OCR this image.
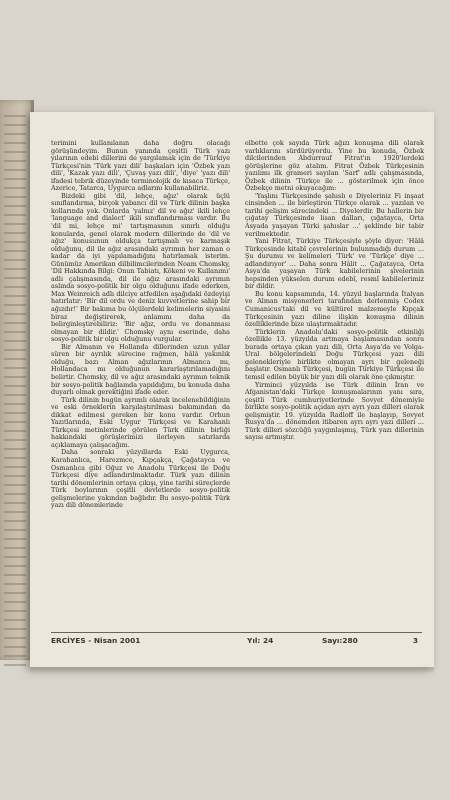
terimini kullanılanın daha doğru olacağı görüşündeyim. Bunun yanında çeşitli Türk yazı yılarının edebi dillerini de yargılamak için de 'Türkiye Türkçesi'nin 'Türk yazı dili' başkaları için 'Özbek yazı dili', 'Kazak yazı dili', 'Çuvaş yazı dili', 'diye' 'yazı dili' ifadesi tebrik düzeyinde terminolojik de kısaca Türkçe, Azerice, Tatarca, Uygurca adlarını kullanabiliriz.

Bizdeki gibi 'dil, lehçe, ağız' olarak üçlü sınıflandırma, birçok yabancı dil ve Türk dilinin başka kollarında yok. Onlarda 'yalnız' dil ve ağız' ikili lehçe 'language and dialect' ikili sınıflandırması vardır. Bu 'dil mi, lehçe mi' tartışmasının sınırlı olduğu konularda, genel olarak modern dillerinde de 'dil ve ağız' konusunun oldukça tartışmalı ve karmaşık olduğunu, dil ile ağız arasındaki ayrımın her zaman o kadar da iyi yapılamadığını hatırlamak isterim. Günümüz Amerikan dilbilimcilerinden Noam Chomsky, 'Dil Hakkında Bilgi: Onun Tabiatı, Kökeni ve Kullanımı' adlı çalışmasında, dil ile ağız arasındaki ayrımın aslında sosyo-politik bir olgu olduğunu ifade ederken, Max Weinreich adlı dilciye atfedilen aşağıdaki özdeyişi hatırlatır: 'Bir dil ordu ve deniz kuvvetlerine sahip bir ağızdır!' Bir bakıma bu ölçülerdeki kelimelerin siyasini biraz değiştirerek, anlamını daha da belirginleştirebiliriz: 'Bir ağız, ordu ve donanması olmayan bir dildir.' Chomsky aynı eserinde, daha sosyo-politik bir olgu olduğunu vurgular.

Bir Almanın ve Hollanda dillerinden uzun yıllar süren bir ayrılık sürecine rağmen, hâlâ yakınlık olduğu, bazı Alman ağızlarının Almanca mı, Hollandaca mı olduğunun kararlaştırılamadığını belirtir. Chomsky, dil ve ağız arasındaki ayrımın teknik bir sosyo-politik bağlamda yapıldığını, bu konuda daha duyarlı olmak gerektiğini ifade eder.

Türk dilinin bugün ayrımlı olarak incelenebildiğinin ve eski örneklerin karşılaştırılması bakımından da dikkat edilmesi gereken bir konu vardır. Orhun Yazıtlarında, Eski Uygur Türkçesi ve Karahanlı Türkçesi metinlerinde görülen Türk dilinin birliği hakkındaki görüşlerimizi ilerleyen satırlarda açıklamaya çalışacağım.

Daha sonraki yüzyıllarda Eski Uygurca, Karahanlıca, Harezmce, Kıpçakça, Çağatayca ve Osmanlıca gibi Oğuz ve Anadolu Türkçesi ile Doğu Türkçesi diye adlandırılmaktadır. Türk yazı dilinin tarihi dönemlerinin ortaya çıkışı, yine tarihi süreçlerde Türk boylarının çeşitli devletlerde sosyo-politik gelişmelerine yakından bağlıdır. Bu sosyo-politik Türk yazı dili dönemlerinde

elbette çok sayıda Türk ağızı konuşma dili olarak varlıklarını sürdürüyordu. Yine bu konuda, Özbek dilcilerinden Abdurrauf Fitrat'ın 1920'lerdeki görüşlerine göz atalım. Fitrat Özbek Türkçesinin yazılımı ilk grameri sayılan 'Sarf' adlı çalışmasında, Özbek dilinin 'Türkçe ile ... gösterilmek için önce Özbekçe metni okuyacağım:

'Yaşlını Türkçesinde şahıslı e Diyeleriniz Fi inşaat cinsinden ... ile birleştiren Türkçe olarak ... yazılan ve tarihi gelişim sürecindeki ... Diyelerdir. Bu hallerin bir çığatay Türkçesinde lisan dalları, çığatayca, Orta Asyada yaşayan Türki şahıslar ...' şeklinde bir tabir verilmektedir.

Yani Fitrat, Türkiye Türkçesiyle şöyle diyor: 'Hâlâ Türkçesinde kitabî çevrelerinin bulunmadığı durum ... Şu durumu ve kelimeleri 'Türk' ve 'Türkçe' diye ... adlandırıyor' ... Daha sonra Hâlit ... Çağatayca, Orta Asya'da yaşayan Türk kabilelerinin şivelerinin hepsinden yükselen durum edebî, resmî kabilelerimiz bir dildir.

Bu konu kapsamında, 14. yüzyıl başlarında İtalyan ve Alman misyonerleri tarafından derlenmiş Codex Cumanicus'taki dil ve kültürel malzemeyle Kıpçak Türkçesinin yazı diline ilişkin konuşma dilinin özelliklerinde bize ulaştırmaktadır.

Türklerin Anadolu'daki sosyo-politik etkinliği özellikle 13. yüzyılda artmaya başlamasından sonra burada ortaya çıkan yazı dili, Orta Asya'da ve Volga-Ural bölgelerindeki Doğu Türkçesi yazı dili gelenekleriyle birlikte olmayan ayrı bir geleneği başlatır. Osmanlı Türkçesi, bugün Türkiye Türkçesi ile temsil edilen büyük bir yazı dili olarak öne çıkmıştır.

Yirminci yüzyılda ise Türk dilinin İran ve Afganistan'daki Türkçe konuşmalarının yanı sıra, çeşitli Türk cumhuriyetlerinde Sovyet dönemiyle birlikte sosyo-politik açıdan ayrı ayrı yazı dilleri olarak gelişmiştir. 19. yüzyılda Radloff ile başlayıp, Sovyet Rusya'da ... dönemden itibaren ayrı ayrı yazı dilleri ... Türk dilleri sözcüğü yaygınlaşmış, Türk yazı dillerinin sayısı artmıştır.

ERCİYES - Nisan 2001	Yıl: 24	Sayı:280	3
